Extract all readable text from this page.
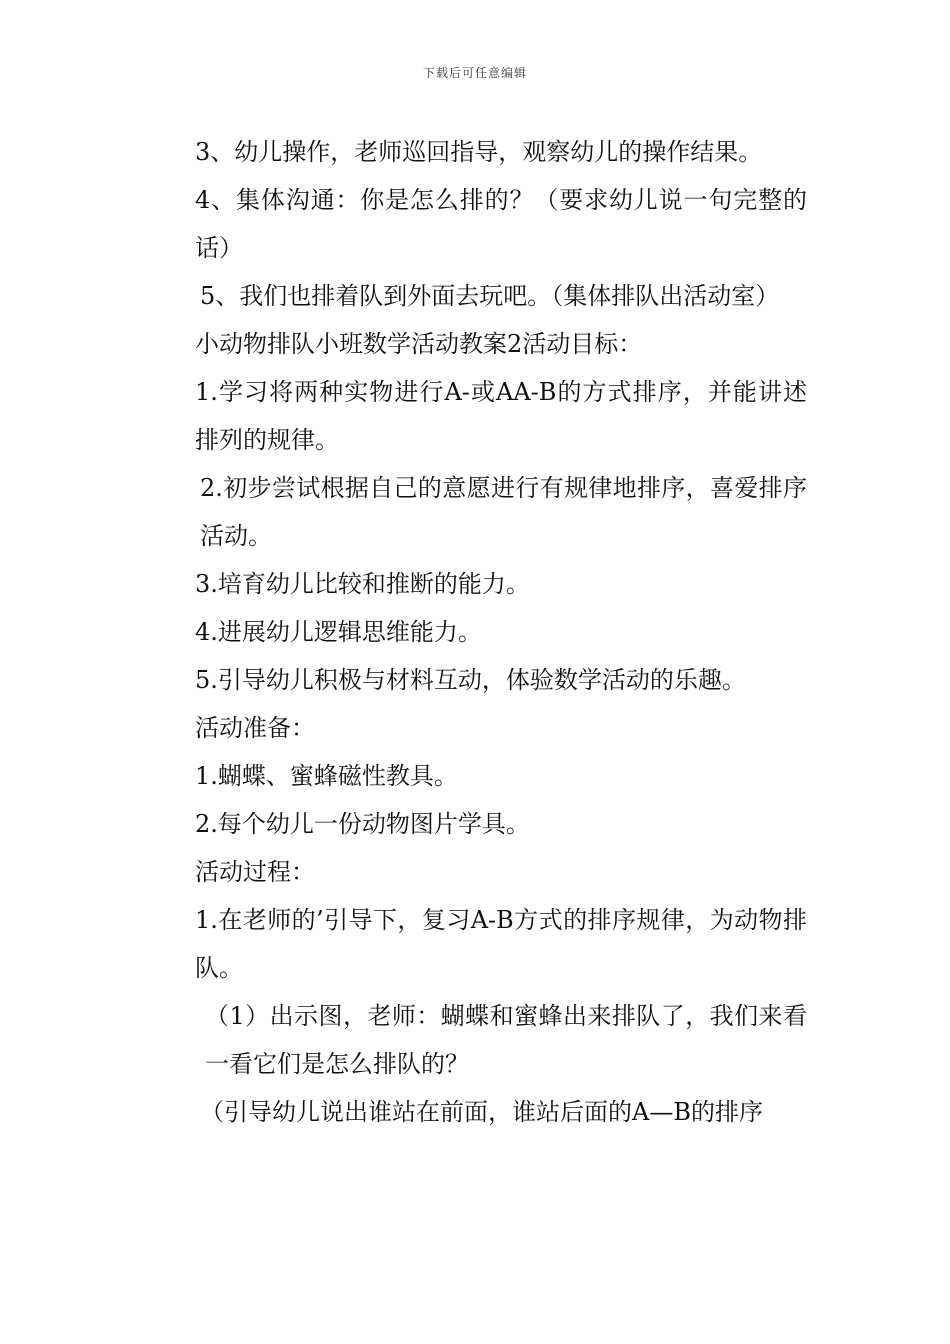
下载后可任意编辑

3、幼儿操作，老师巡回指导，观察幼儿的操作结果。

4、集体沟通：你是怎么排的？（要求幼儿说一句完整的话）

5、我们也排着队到外面去玩吧。（集体排队出活动室）

小动物排队小班数学活动教案2活动目标：

1.学习将两种实物进行A-或AA-B的方式排序，并能讲述排列的规律。

2.初步尝试根据自己的意愿进行有规律地排序，喜爱排序活动。

3.培育幼儿比较和推断的能力。

4.进展幼儿逻辑思维能力。

5.引导幼儿积极与材料互动，体验数学活动的乐趣。

活动准备：

1.蝴蝶、蜜蜂磁性教具。

2.每个幼儿一份动物图片学具。

活动过程：

1.在老师的’引导下，复习A-B方式的排序规律，为动物排队。

（1）出示图，老师：蝴蝶和蜜蜂出来排队了，我们来看一看它们是怎么排队的？

（引导幼儿说出谁站在前面，谁站后面的A—B的排序
